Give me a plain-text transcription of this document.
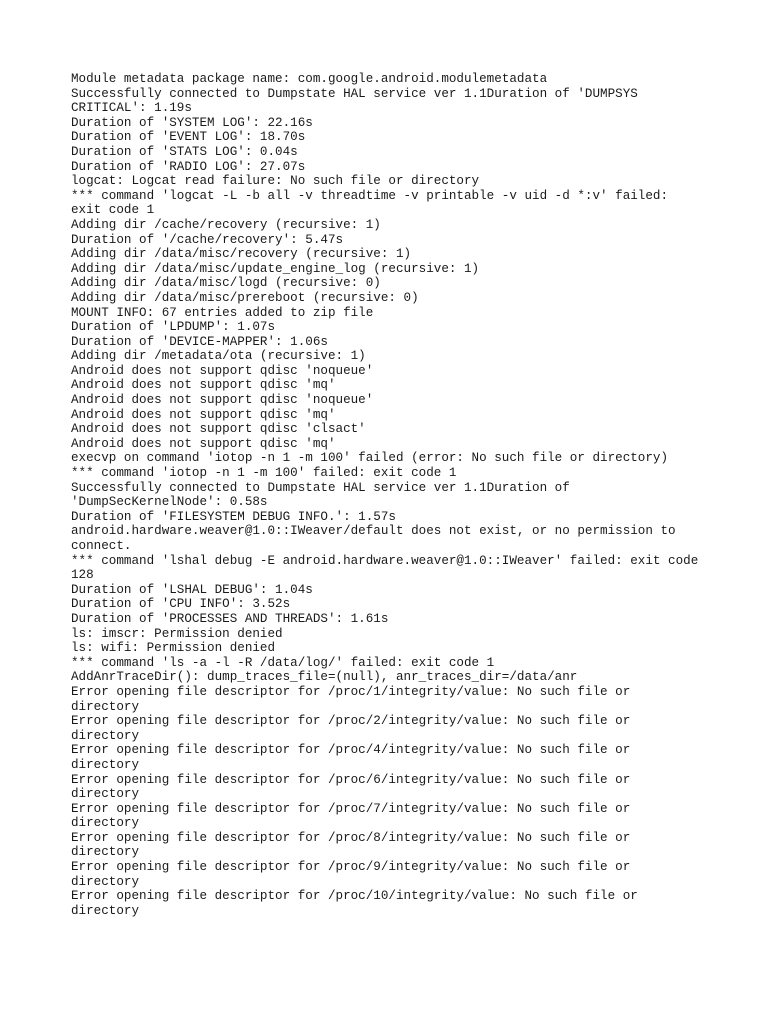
Module metadata package name: com.google.android.modulemetadata
Successfully connected to Dumpstate HAL service ver 1.1Duration of 'DUMPSYS CRITICAL': 1.19s
Duration of 'SYSTEM LOG': 22.16s
Duration of 'EVENT LOG': 18.70s
Duration of 'STATS LOG': 0.04s
Duration of 'RADIO LOG': 27.07s
logcat: Logcat read failure: No such file or directory
*** command 'logcat -L -b all -v threadtime -v printable -v uid -d *:v' failed: exit code 1
Adding dir /cache/recovery (recursive: 1)
Duration of '/cache/recovery': 5.47s
Adding dir /data/misc/recovery (recursive: 1)
Adding dir /data/misc/update_engine_log (recursive: 1)
Adding dir /data/misc/logd (recursive: 0)
Adding dir /data/misc/prereboot (recursive: 0)
MOUNT INFO: 67 entries added to zip file
Duration of 'LPDUMP': 1.07s
Duration of 'DEVICE-MAPPER': 1.06s
Adding dir /metadata/ota (recursive: 1)
Android does not support qdisc 'noqueue'
Android does not support qdisc 'mq'
Android does not support qdisc 'noqueue'
Android does not support qdisc 'mq'
Android does not support qdisc 'clsact'
Android does not support qdisc 'mq'
execvp on command 'iotop -n 1 -m 100' failed (error: No such file or directory)
*** command 'iotop -n 1 -m 100' failed: exit code 1
Successfully connected to Dumpstate HAL service ver 1.1Duration of 'DumpSecKernelNode': 0.58s
Duration of 'FILESYSTEM DEBUG INFO.': 1.57s
android.hardware.weaver@1.0::IWeaver/default does not exist, or no permission to connect.
*** command 'lshal debug -E android.hardware.weaver@1.0::IWeaver' failed: exit code 128
Duration of 'LSHAL DEBUG': 1.04s
Duration of 'CPU INFO': 3.52s
Duration of 'PROCESSES AND THREADS': 1.61s
ls: imscr: Permission denied
ls: wifi: Permission denied
*** command 'ls -a -l -R /data/log/' failed: exit code 1
AddAnrTraceDir(): dump_traces_file=(null), anr_traces_dir=/data/anr
Error opening file descriptor for /proc/1/integrity/value: No such file or directory
Error opening file descriptor for /proc/2/integrity/value: No such file or directory
Error opening file descriptor for /proc/4/integrity/value: No such file or directory
Error opening file descriptor for /proc/6/integrity/value: No such file or directory
Error opening file descriptor for /proc/7/integrity/value: No such file or directory
Error opening file descriptor for /proc/8/integrity/value: No such file or directory
Error opening file descriptor for /proc/9/integrity/value: No such file or directory
Error opening file descriptor for /proc/10/integrity/value: No such file or directory
